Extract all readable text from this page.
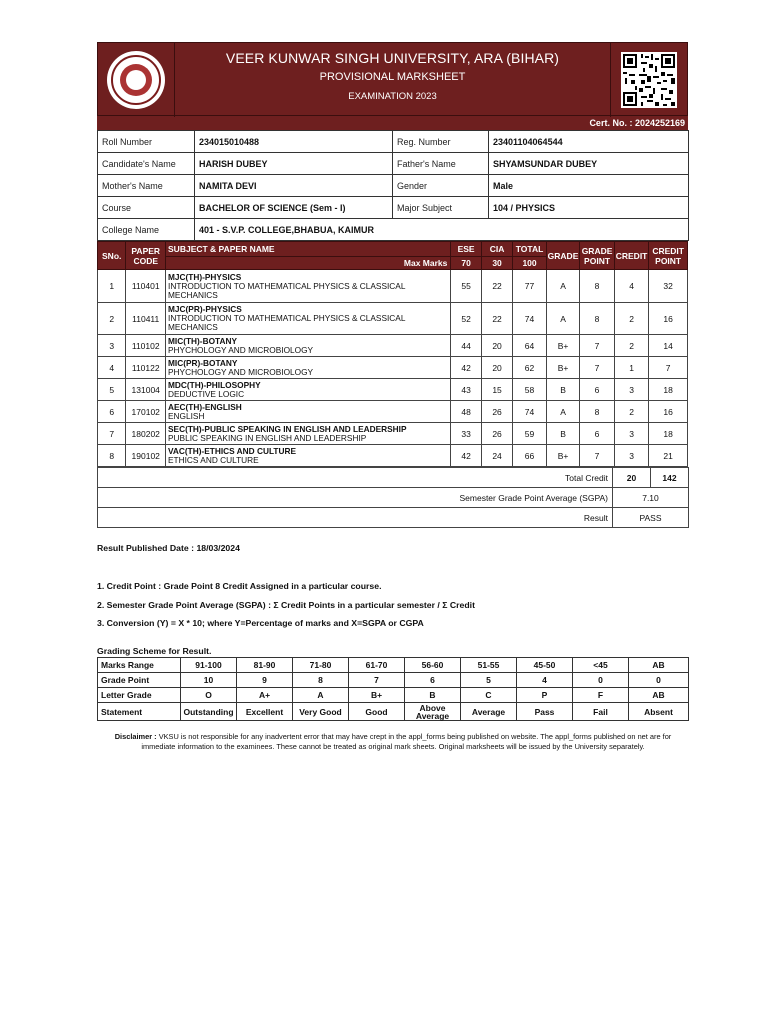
VEER KUNWAR SINGH UNIVERSITY, ARA (BIHAR)
PROVISIONAL MARKSHEET
EXAMINATION 2023
Cert. No. : 2024252169
Roll Number	234015010488	Reg. Number	23401104064544
Candidate's Name	HARISH DUBEY	Father's Name	SHYAMSUNDAR DUBEY
Mother's Name	NAMITA DEVI	Gender	Male
Course	BACHELOR OF SCIENCE (Sem - I)	Major Subject	104 / PHYSICS
College Name	401 - S.V.P. COLLEGE,BHABUA, KAIMUR		
SNo.	PAPER CODE	SUBJECT & PAPER NAME	ESE	CIA	TOTAL	GRADE	GRADE POINT	CREDIT	CREDIT POINT
		Max Marks	70	30	100				
1	110401	MJC(TH)-PHYSICS
INTRODUCTION TO MATHEMATICAL PHYSICS & CLASSICAL MECHANICS	55	22	77	A	8	4	32
2	110411	MJC(PR)-PHYSICS
INTRODUCTION TO MATHEMATICAL PHYSICS & CLASSICAL MECHANICS	52	22	74	A	8	2	16
3	110102	MIC(TH)-BOTANY
PHYCHOLOGY AND MICROBIOLOGY	44	20	64	B+	7	2	14
4	110122	MIC(PR)-BOTANY
PHYCHOLOGY AND MICROBIOLOGY	42	20	62	B+	7	1	7
5	131004	MDC(TH)-PHILOSOPHY
DEDUCTIVE LOGIC	43	15	58	B	6	3	18
6	170102	AEC(TH)-ENGLISH
ENGLISH	48	26	74	A	8	2	16
7	180202	SEC(TH)-PUBLIC SPEAKING IN ENGLISH AND LEADERSHIP
PUBLIC SPEAKING IN ENGLISH AND LEADERSHIP	33	26	59	B	6	3	18
8	190102	VAC(TH)-ETHICS AND CULTURE
ETHICS AND CULTURE	42	24	66	B+	7	3	21
Total Credit	20	142
Semester Grade Point Average (SGPA)	7.10	
Result	PASS	
Result Published Date : 18/03/2024
1. Credit Point : Grade Point 8 Credit Assigned in a particular course.
2. Semester Grade Point Average (SGPA) : Σ Credit Points in a particular semester / Σ Credit
3. Conversion (Y) = X * 10; where Y=Percentage of marks and X=SGPA or CGPA
Grading Scheme for Result.
Marks Range	91-100	81-90	71-80	61-70	56-60	51-55	45-50	<45	AB
Grade Point	10	9	8	7	6	5	4	0	0
Letter Grade	O	A+	A	B+	B	C	P	F	AB
Statement	Outstanding	Excellent	Very Good	Good	Above Average	Average	Pass	Fail	Absent
Disclaimer : VKSU is not responsible for any inadvertent error that may have crept in the appl_forms being published on website. The appl_forms published on net are for immediate information to the examinees. These cannot be treated as original mark sheets. Original marksheets will be issued by the University separately.
